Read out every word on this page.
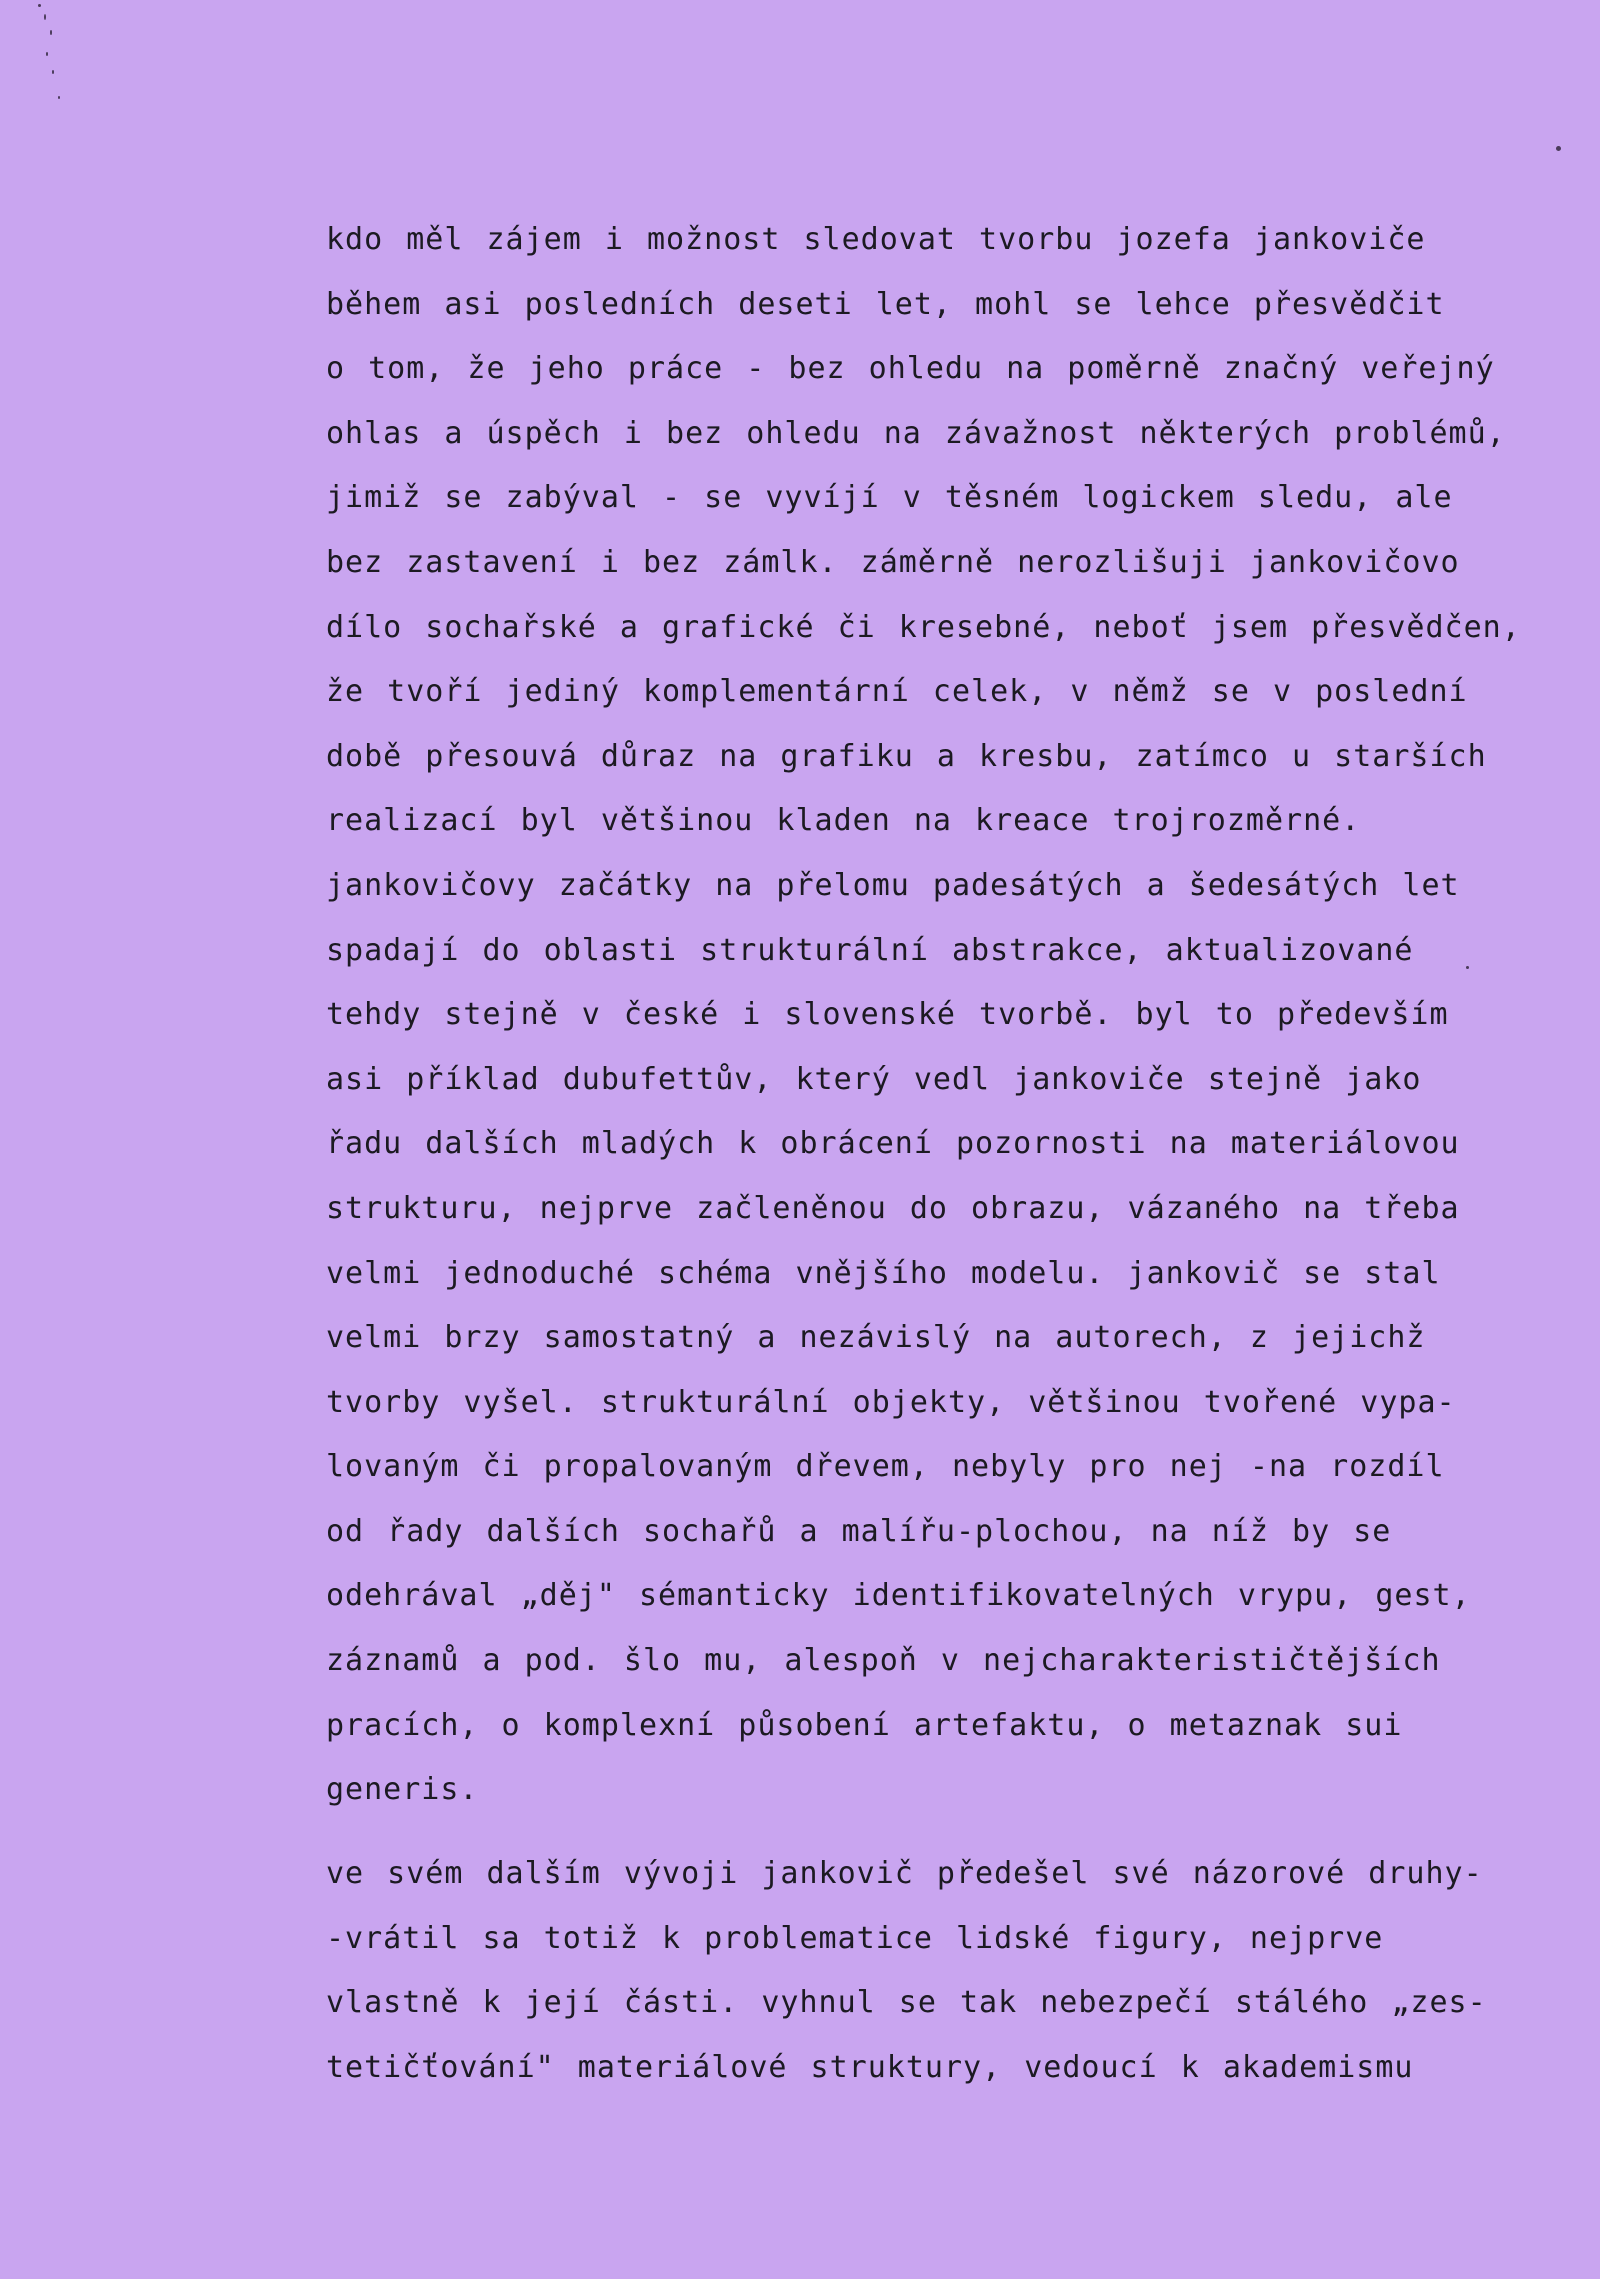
kdo měl zájem i možnost sledovat tvorbu jozefa jankoviče
během asi posledních deseti let, mohl se lehce přesvědčit
o tom, že jeho práce - bez ohledu na poměrně značný veřejný
ohlas a úspěch i bez ohledu na závažnost některých problémů,
jimiž se zabýval - se vyvíjí v těsném logickem sledu, ale
bez zastavení i bez zámlk. záměrně nerozlišuji jankovičovo
dílo sochařské a grafické či kresebné, neboť jsem přesvědčen,
že tvoří jediný komplementární celek, v němž se v poslední
době přesouvá důraz na grafiku a kresbu, zatímco u starších
realizací byl většinou kladen na kreace trojrozměrné.
jankovičovy začátky na přelomu padesátých a šedesátých let
spadají do oblasti strukturální abstrakce, aktualizované
tehdy stejně v české i slovenské tvorbě. byl to především
asi příklad dubufettův, který vedl jankoviče stejně jako
řadu dalších mladých k obrácení pozornosti na materiálovou
strukturu, nejprve začleněnou do obrazu, vázaného na třeba
velmi jednoduché schéma vnějšího modelu. jankovič se stal
velmi brzy samostatný a nezávislý na autorech, z jejichž
tvorby vyšel. strukturální objekty, většinou tvořené vypa-
lovaným či propalovaným dřevem, nebyly pro nej -na rozdíl
od řady dalších sochařů a malířu-plochou, na níž by se
odehrával „děj" sémanticky identifikovatelných vrypu, gest,
záznamů a pod. šlo mu, alespoň v nejcharakterističtějších
pracích, o komplexní působení artefaktu, o metaznak sui
generis.
ve svém dalším vývoji jankovič předešel své názorové druhy-
-vrátil sa totiž k problematice lidské figury, nejprve
vlastně k její části. vyhnul se tak nebezpečí stálého „zes-
tetičťování" materiálové struktury, vedoucí k akademismu
